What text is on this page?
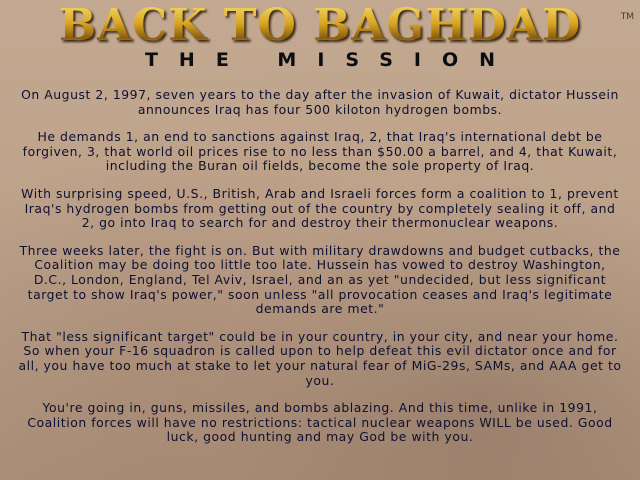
BACK TO BAGHDAD	TM
THE MISSION

On August 2, 1997, seven years to the day after the invasion of Kuwait, dictator Hussein announces Iraq has four 500 kiloton hydrogen bombs.

He demands 1, an end to sanctions against Iraq, 2, that Iraq's international debt be forgiven, 3, that world oil prices rise to no less than $50.00 a barrel, and 4, that Kuwait, including the Buran oil fields, become the sole property of Iraq.

With surprising speed, U.S., British, Arab and Israeli forces form a coalition to 1, prevent Iraq's hydrogen bombs from getting out of the country by completely sealing it off, and 2, go into Iraq to search for and destroy their thermonuclear weapons.

Three weeks later, the fight is on. But with military drawdowns and budget cutbacks, the Coalition may be doing too little too late. Hussein has vowed to destroy Washington, D.C., London, England, Tel Aviv, Israel, and an as yet "undecided, but less significant target to show Iraq's power," soon unless "all provocation ceases and Iraq's legitimate demands are met."

That "less significant target" could be in your country, in your city, and near your home. So when your F-16 squadron is called upon to help defeat this evil dictator once and for all, you have too much at stake to let your natural fear of MiG-29s, SAMs, and AAA get to you.

You're going in, guns, missiles, and bombs ablazing. And this time, unlike in 1991, Coalition forces will have no restrictions: tactical nuclear weapons WILL be used. Good luck, good hunting and may God be with you.
